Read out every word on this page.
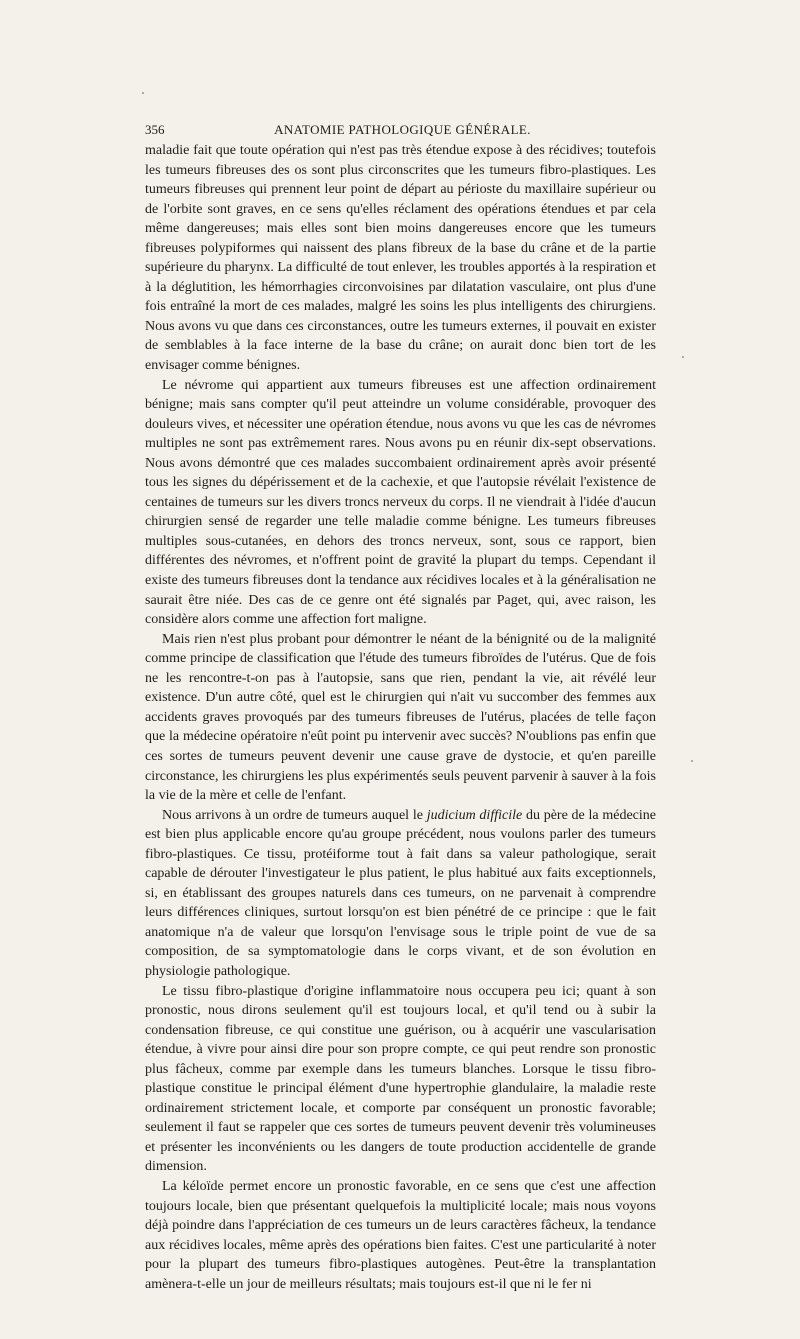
356	ANATOMIE PATHOLOGIQUE GÉNÉRALE.

maladie fait que toute opération qui n'est pas très étendue expose à des récidives; toutefois les tumeurs fibreuses des os sont plus circonscrites que les tumeurs fibro-plastiques. Les tumeurs fibreuses qui prennent leur point de départ au périoste du maxillaire supérieur ou de l'orbite sont graves, en ce sens qu'elles réclament des opérations étendues et par cela même dangereuses; mais elles sont bien moins dangereuses encore que les tumeurs fibreuses polypiformes qui naissent des plans fibreux de la base du crâne et de la partie supérieure du pharynx. La difficulté de tout enlever, les troubles apportés à la respiration et à la déglutition, les hémorrhagies circonvoisines par dilatation vasculaire, ont plus d'une fois entraîné la mort de ces malades, malgré les soins les plus intelligents des chirurgiens. Nous avons vu que dans ces circonstances, outre les tumeurs externes, il pouvait en exister de semblables à la face interne de la base du crâne; on aurait donc bien tort de les envisager comme bénignes.

Le névrome qui appartient aux tumeurs fibreuses est une affection ordinairement bénigne; mais sans compter qu'il peut atteindre un volume considérable, provoquer des douleurs vives, et nécessiter une opération étendue, nous avons vu que les cas de névromes multiples ne sont pas extrêmement rares. Nous avons pu en réunir dix-sept observations. Nous avons démontré que ces malades succombaient ordinairement après avoir présenté tous les signes du dépérissement et de la cachexie, et que l'autopsie révélait l'existence de centaines de tumeurs sur les divers troncs nerveux du corps. Il ne viendrait à l'idée d'aucun chirurgien sensé de regarder une telle maladie comme bénigne. Les tumeurs fibreuses multiples sous-cutanées, en dehors des troncs nerveux, sont, sous ce rapport, bien différentes des névromes, et n'offrent point de gravité la plupart du temps. Cependant il existe des tumeurs fibreuses dont la tendance aux récidives locales et à la généralisation ne saurait être niée. Des cas de ce genre ont été signalés par Paget, qui, avec raison, les considère alors comme une affection fort maligne.

Mais rien n'est plus probant pour démontrer le néant de la bénignité ou de la malignité comme principe de classification que l'étude des tumeurs fibroïdes de l'utérus. Que de fois ne les rencontre-t-on pas à l'autopsie, sans que rien, pendant la vie, ait révélé leur existence. D'un autre côté, quel est le chirurgien qui n'ait vu succomber des femmes aux accidents graves provoqués par des tumeurs fibreuses de l'utérus, placées de telle façon que la médecine opératoire n'eût point pu intervenir avec succès? N'oublions pas enfin que ces sortes de tumeurs peuvent devenir une cause grave de dystocie, et qu'en pareille circonstance, les chirurgiens les plus expérimentés seuls peuvent parvenir à sauver à la fois la vie de la mère et celle de l'enfant.

Nous arrivons à un ordre de tumeurs auquel le judicium difficile du père de la médecine est bien plus applicable encore qu'au groupe précédent, nous voulons parler des tumeurs fibro-plastiques. Ce tissu, protéiforme tout à fait dans sa valeur pathologique, serait capable de dérouter l'investigateur le plus patient, le plus habitué aux faits exceptionnels, si, en établissant des groupes naturels dans ces tumeurs, on ne parvenait à comprendre leurs différences cliniques, surtout lorsqu'on est bien pénétré de ce principe : que le fait anatomique n'a de valeur que lorsqu'on l'envisage sous le triple point de vue de sa composition, de sa symptomatologie dans le corps vivant, et de son évolution en physiologie pathologique.

Le tissu fibro-plastique d'origine inflammatoire nous occupera peu ici; quant à son pronostic, nous dirons seulement qu'il est toujours local, et qu'il tend ou à subir la condensation fibreuse, ce qui constitue une guérison, ou à acquérir une vascularisation étendue, à vivre pour ainsi dire pour son propre compte, ce qui peut rendre son pronostic plus fâcheux, comme par exemple dans les tumeurs blanches. Lorsque le tissu fibro-plastique constitue le principal élément d'une hypertrophie glandulaire, la maladie reste ordinairement strictement locale, et comporte par conséquent un pronostic favorable; seulement il faut se rappeler que ces sortes de tumeurs peuvent devenir très volumineuses et présenter les inconvénients ou les dangers de toute production accidentelle de grande dimension.

La kéloïde permet encore un pronostic favorable, en ce sens que c'est une affection toujours locale, bien que présentant quelquefois la multiplicité locale; mais nous voyons déjà poindre dans l'appréciation de ces tumeurs un de leurs caractères fâcheux, la tendance aux récidives locales, même après des opérations bien faites. C'est une particularité à noter pour la plupart des tumeurs fibro-plastiques autogènes. Peut-être la transplantation amènera-t-elle un jour de meilleurs résultats; mais toujours est-il que ni le fer ni
